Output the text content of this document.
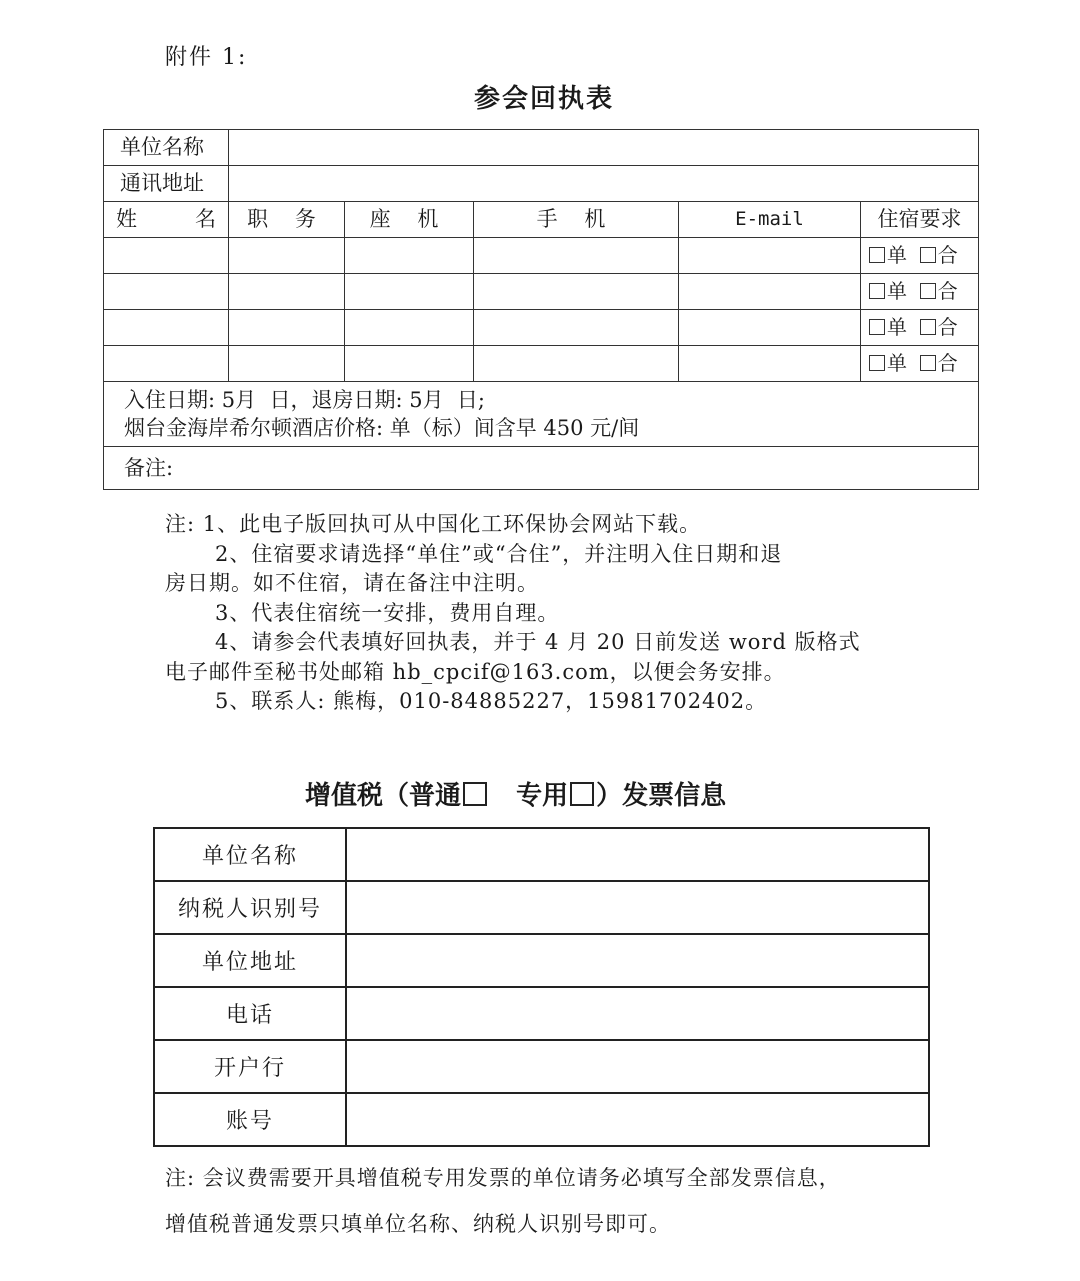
附件 1:
参会回执表
单位名称					
通讯地址					

姓 名	职 务	座 机	手 机	E-mail	住宿要求
					单 合
					单 合
					单 合
					单 合

入住日期: 5月  日，退房日期: 5月  日;
烟台金海岸希尔顿酒店价格: 单（标）间含早 450 元/间					

备注:					

注: 1、此电子版回执可从中国化工环保协会网站下载。

2、住宿要求请选择“单住”或“合住”，并注明入住日期和退

房日期。如不住宿，请在备注中注明。

3、代表住宿统一安排，费用自理。

4、请参会代表填好回执表，并于 4 月 20 日前发送 word 版格式

电子邮件至秘书处邮箱 hb_cpcif@163.com，以便会务安排。

5、联系人: 熊梅，010-84885227，15981702402。

增值税（普通   专用 ）发票信息
单位名称	
纳税人识别号	
单位地址	
电话	
开户行	
账号	

注: 会议费需要开具增值税专用发票的单位请务必填写全部发票信息，

增值税普通发票只填单位名称、纳税人识别号即可。
